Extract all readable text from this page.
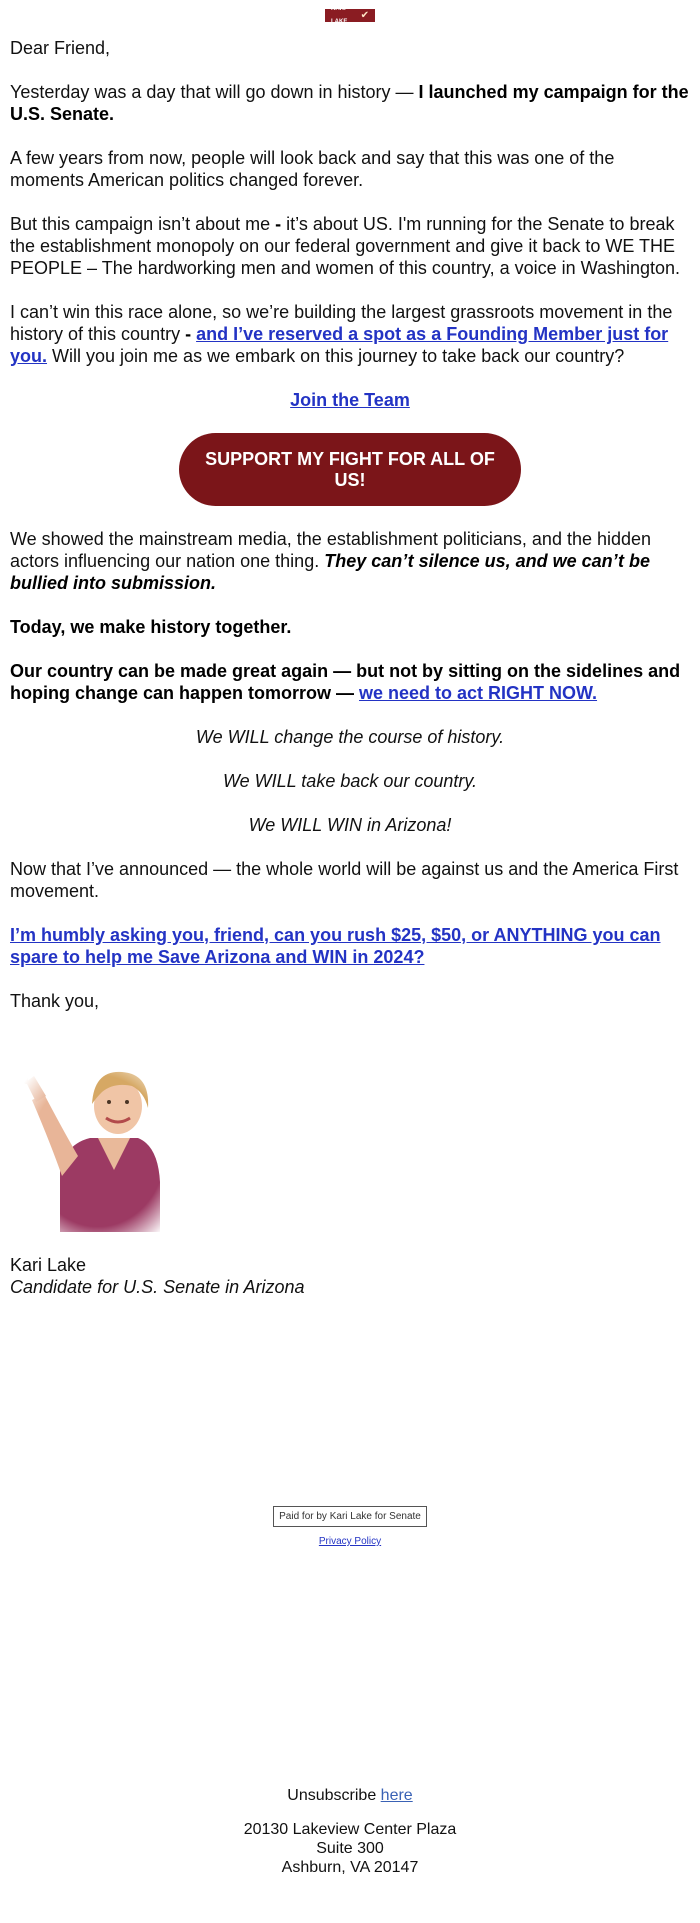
KARI LAKE
✔

Dear Friend,

Yesterday was a day that will go down in history — I launched my campaign for the U.S. Senate.

A few years from now, people will look back and say that this was one of the moments American politics changed forever.

But this campaign isn’t about me - it’s about US. I'm running for the Senate to break the establishment monopoly on our federal government and give it back to WE THE PEOPLE – The hardworking men and women of this country, a voice in Washington.

I can’t win this race alone, so we’re building the largest grassroots movement in the history of this country - and I’ve reserved a spot as a Founding Member just for you. Will you join me as we embark on this journey to take back our country?

Join the Team

SUPPORT MY FIGHT FOR ALL OF US!

We showed the mainstream media, the establishment politicians, and the hidden actors influencing our nation one thing. They can’t silence us, and we can’t be bullied into submission.

Today, we make history together.

Our country can be made great again — but not by sitting on the sidelines and hoping change can happen tomorrow — we need to act RIGHT NOW.

We WILL change the course of history.

We WILL take back our country.

We WILL WIN in Arizona!

Now that I’ve announced — the whole world will be against us and the America First movement.

I’m humbly asking you, friend, can you rush $25, $50, or ANYTHING you can spare to help me Save Arizona and WIN in 2024?

Thank you,

Kari Lake

Candidate for U.S. Senate in Arizona

Paid for by Kari Lake for Senate

Privacy Policy

Unsubscribe here

20130 Lakeview Center Plaza
Suite 300
Ashburn, VA 20147
